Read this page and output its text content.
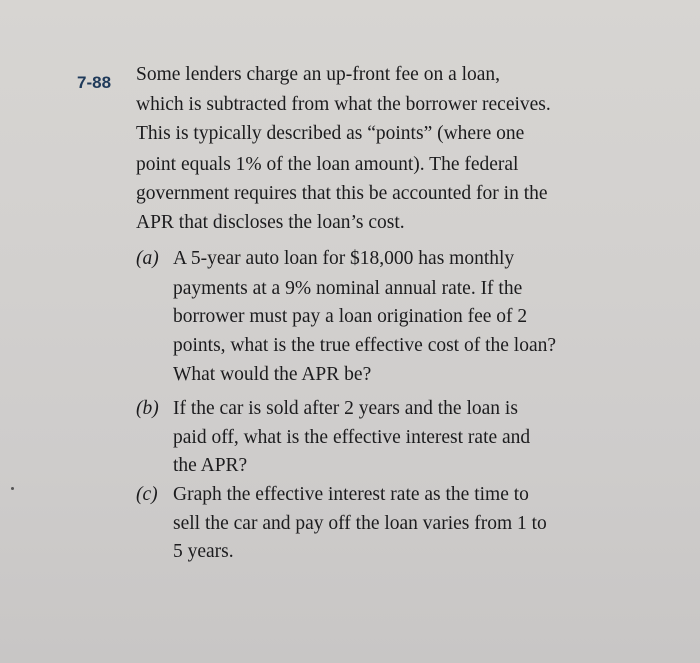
7-88 Some lenders charge an up-front fee on a loan,
which is subtracted from what the borrower receives.
This is typically described as “points” (where one
point equals 1% of the loan amount). The federal
government requires that this be accounted for in the
APR that discloses the loan’s cost.
(a) A 5-year auto loan for $18,000 has monthly
payments at a 9% nominal annual rate. If the
borrower must pay a loan origination fee of 2
points, what is the true effective cost of the loan?
What would the APR be?
(b) If the car is sold after 2 years and the loan is
paid off, what is the effective interest rate and
the APR?
(c) Graph the effective interest rate as the time to
sell the car and pay off the loan varies from 1 to
5 years.
